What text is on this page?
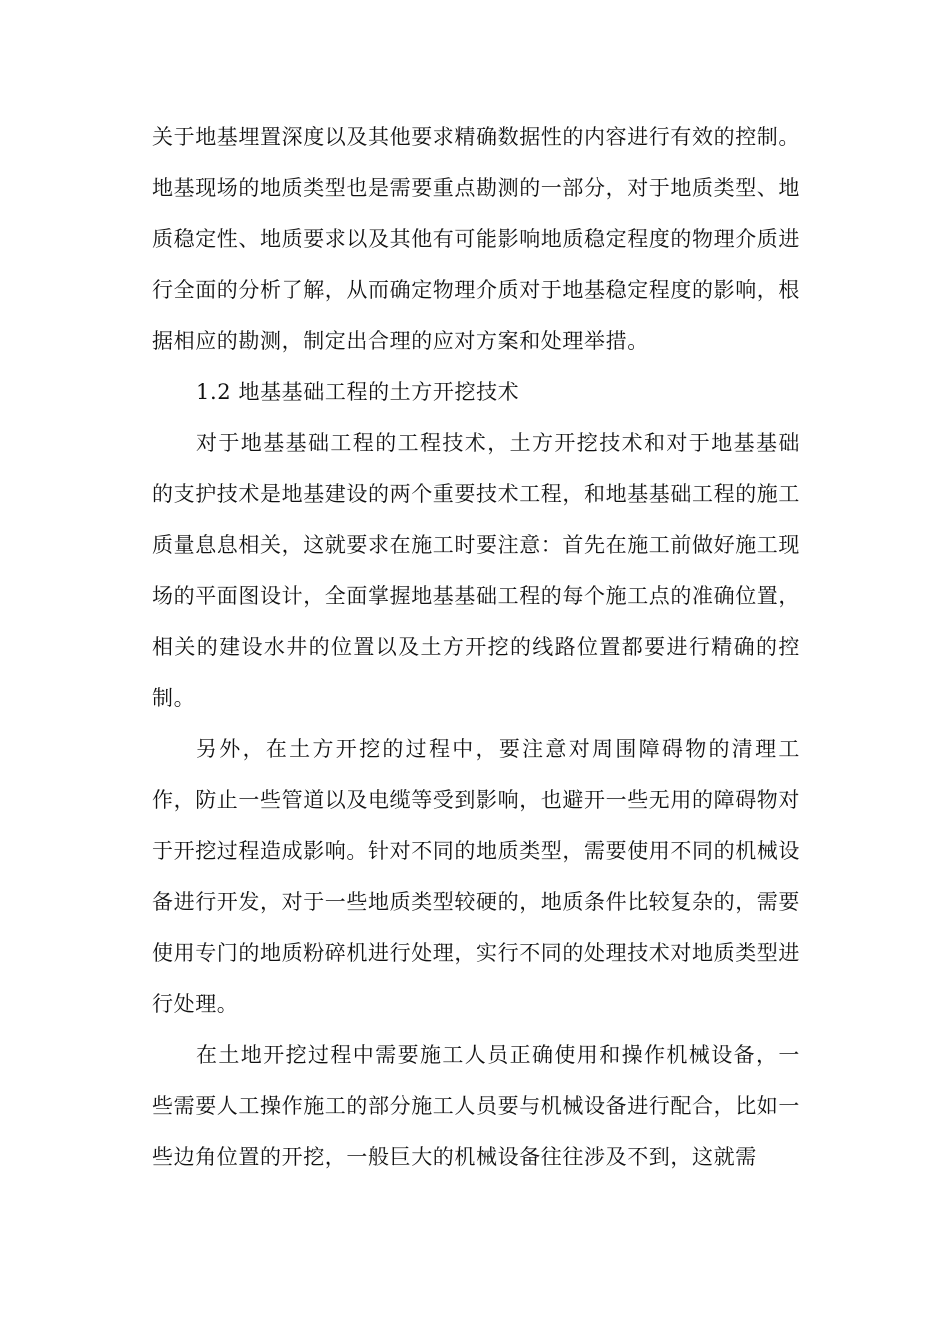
关于地基埋置深度以及其他要求精确数据性的内容进行有效的控制。地基现场的地质类型也是需要重点勘测的一部分，对于地质类型、地质稳定性、地质要求以及其他有可能影响地质稳定程度的物理介质进行全面的分析了解，从而确定物理介质对于地基稳定程度的影响，根据相应的勘测，制定出合理的应对方案和处理举措。

1.2 地基基础工程的土方开挖技术

对于地基基础工程的工程技术，土方开挖技术和对于地基基础的支护技术是地基建设的两个重要技术工程，和地基基础工程的施工质量息息相关，这就要求在施工时要注意：首先在施工前做好施工现场的平面图设计，全面掌握地基基础工程的每个施工点的准确位置，相关的建设水井的位置以及土方开挖的线路位置都要进行精确的控制。

另外，在土方开挖的过程中，要注意对周围障碍物的清理工作，防止一些管道以及电缆等受到影响，也避开一些无用的障碍物对于开挖过程造成影响。针对不同的地质类型，需要使用不同的机械设备进行开发，对于一些地质类型较硬的，地质条件比较复杂的，需要使用专门的地质粉碎机进行处理，实行不同的处理技术对地质类型进行处理。

在土地开挖过程中需要施工人员正确使用和操作机械设备，一些需要人工操作施工的部分施工人员要与机械设备进行配合，比如一些边角位置的开挖，一般巨大的机械设备往往涉及不到，这就需
